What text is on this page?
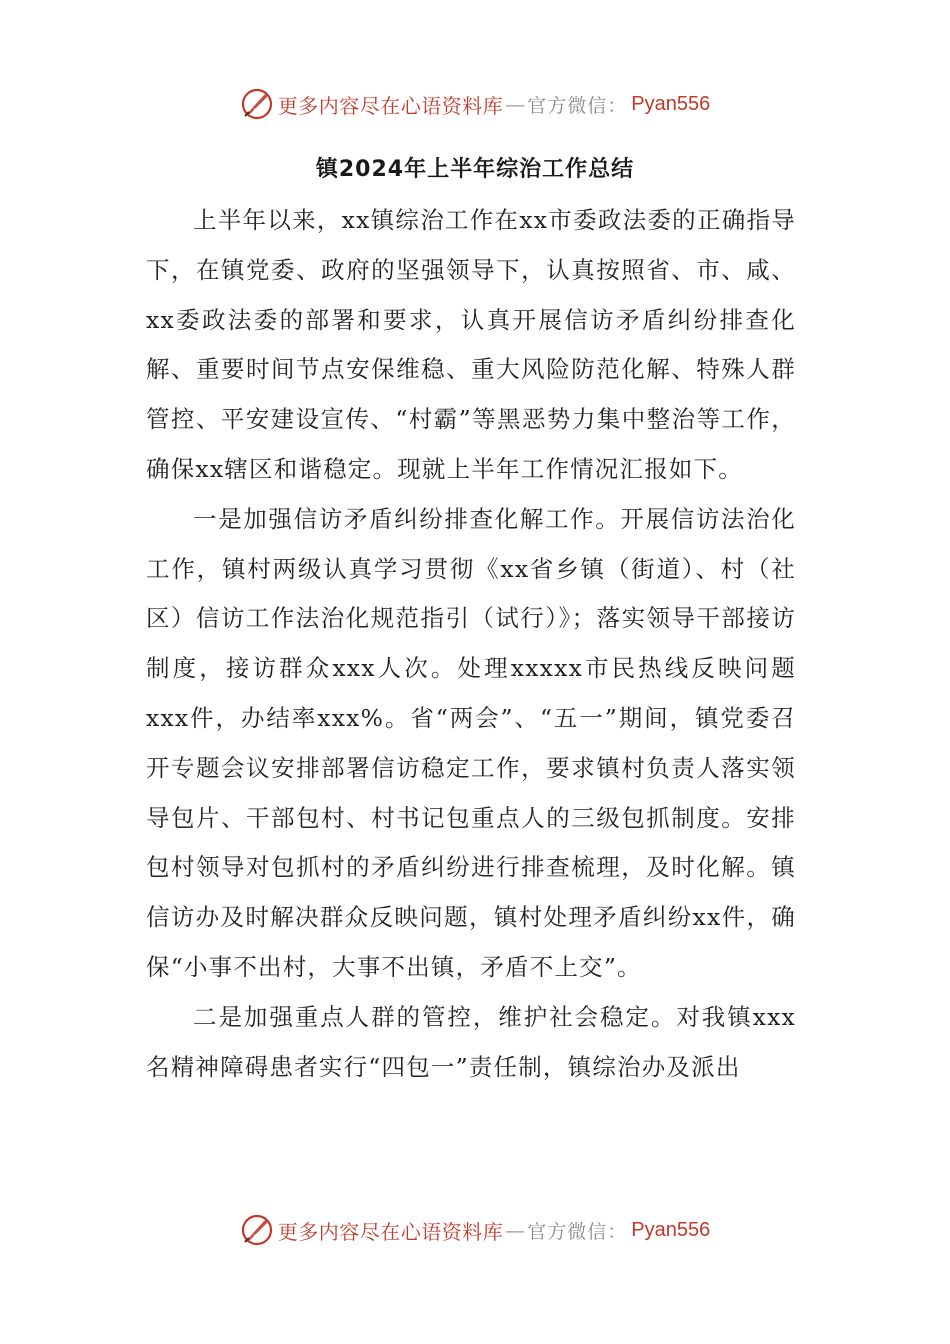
更多内容尽在心语资料库 — 官方微信： Pyan556
镇2024年上半年综治工作总结

上半年以来，xx镇综治工作在xx市委政法委的正确指导下，在镇党委、政府的坚强领导下，认真按照省、市、咸、xx委政法委的部署和要求，认真开展信访矛盾纠纷排查化解、重要时间节点安保维稳、重大风险防范化解、特殊人群管控、平安建设宣传、“村霸”等黑恶势力集中整治等工作，确保xx辖区和谐稳定。现就上半年工作情况汇报如下。

一是加强信访矛盾纠纷排查化解工作。开展信访法治化工作，镇村两级认真学习贯彻《xx省乡镇（街道）、村（社区）信访工作法治化规范指引（试行）》；落实领导干部接访制度，接访群众xxx人次。处理xxxxx市民热线反映问题xxx件，办结率xxx%。省“两会”、“五一”期间，镇党委召开专题会议安排部署信访稳定工作，要求镇村负责人落实领导包片、干部包村、村书记包重点人的三级包抓制度。安排包村领导对包抓村的矛盾纠纷进行排查梳理，及时化解。镇信访办及时解决群众反映问题，镇村处理矛盾纠纷xx件，确保“小事不出村，大事不出镇，矛盾不上交”。

二是加强重点人群的管控，维护社会稳定。对我镇xxx名精神障碍患者实行“四包一”责任制，镇综治办及派出

更多内容尽在心语资料库 — 官方微信： Pyan556
